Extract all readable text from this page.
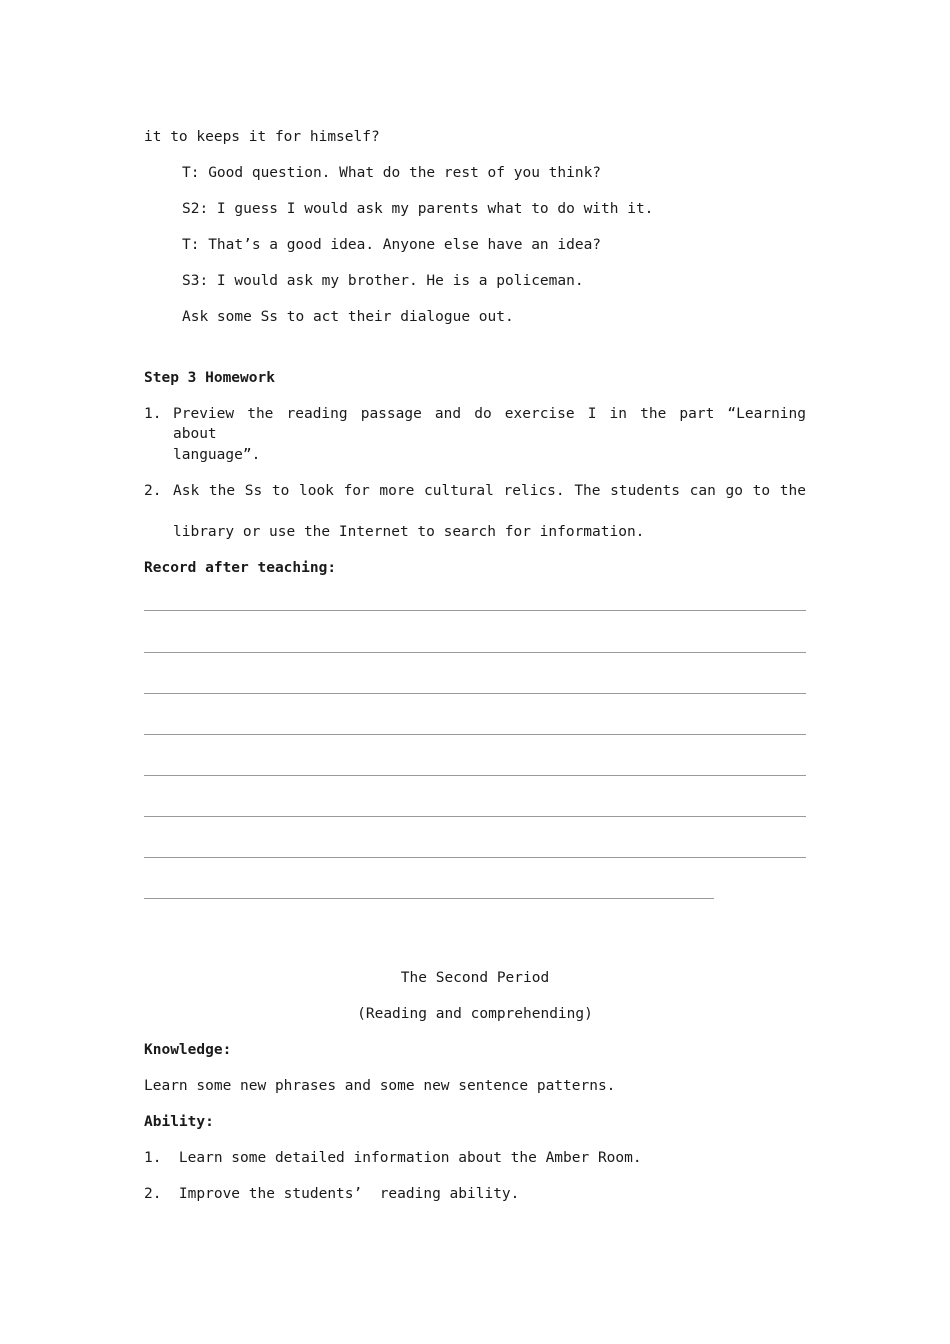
it to keeps it for himself?
T: Good question. What do the rest of you think?
S2: I guess I would ask my parents what to do with it.
T: That’s a good idea. Anyone else have an idea?
S3: I would ask my brother. He is a policeman.
Ask some Ss to act their dialogue out.
Step 3 Homework
1. Preview the reading passage and do exercise I in the part “Learning about
language”.
2. Ask the Ss to look for more cultural relics. The students can go to the
library or use the Internet to search for information.
Record after teaching:
The Second Period
(Reading and comprehending)
Knowledge:
Learn some new phrases and some new sentence patterns.
Ability:
1.  Learn some detailed information about the Amber Room.
2.  Improve the students’  reading ability.
